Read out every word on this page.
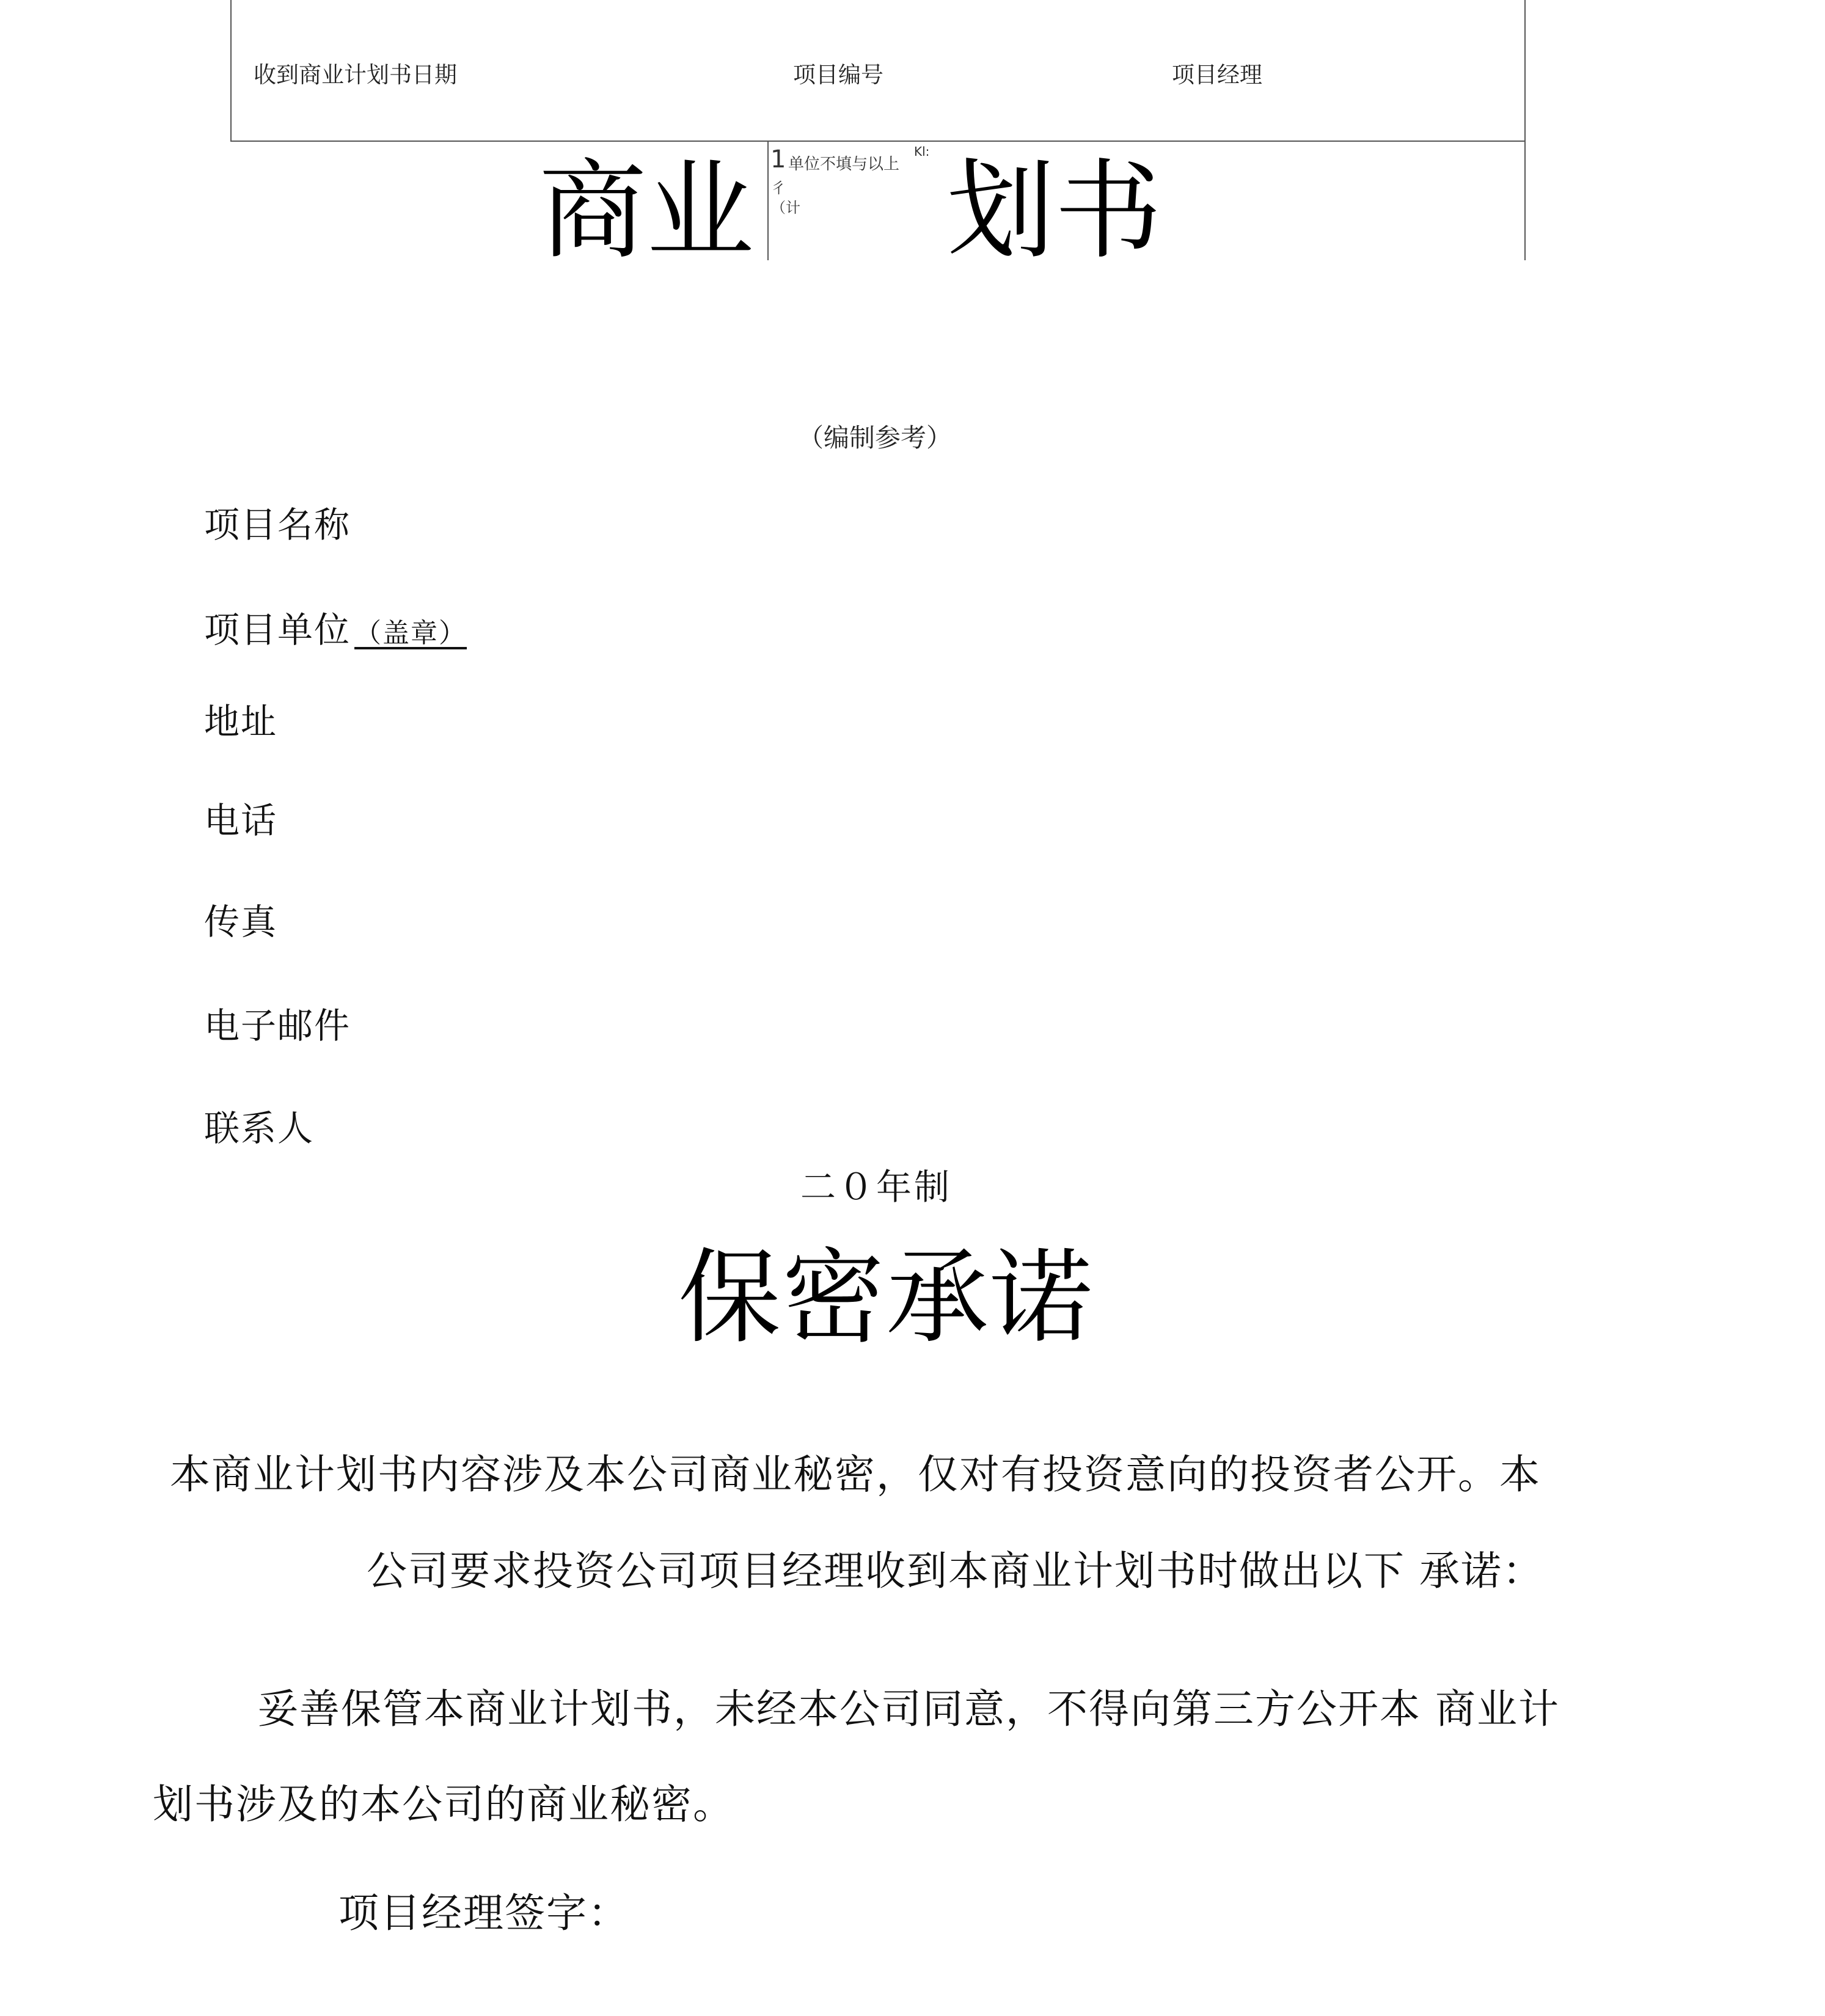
收到商业计划书日期	项目编号	项目经理
商业 划书
1 单位不填与以上
Kl:
彳
（计
（编制参考）
项目名称
项目单位 （盖章）
地址
电话
传真
电子邮件
联系人
二０年制
保密承诺
本商业计划书内容涉及本公司商业秘密，仅对有投资意向的投资者公开。本
公司要求投资公司项目经理收到本商业计划书时做出以下 承诺：
妥善保管本商业计划书，未经本公司同意，不得向第三方公开本 商业计
划书涉及的本公司的商业秘密。
项目经理签字：
